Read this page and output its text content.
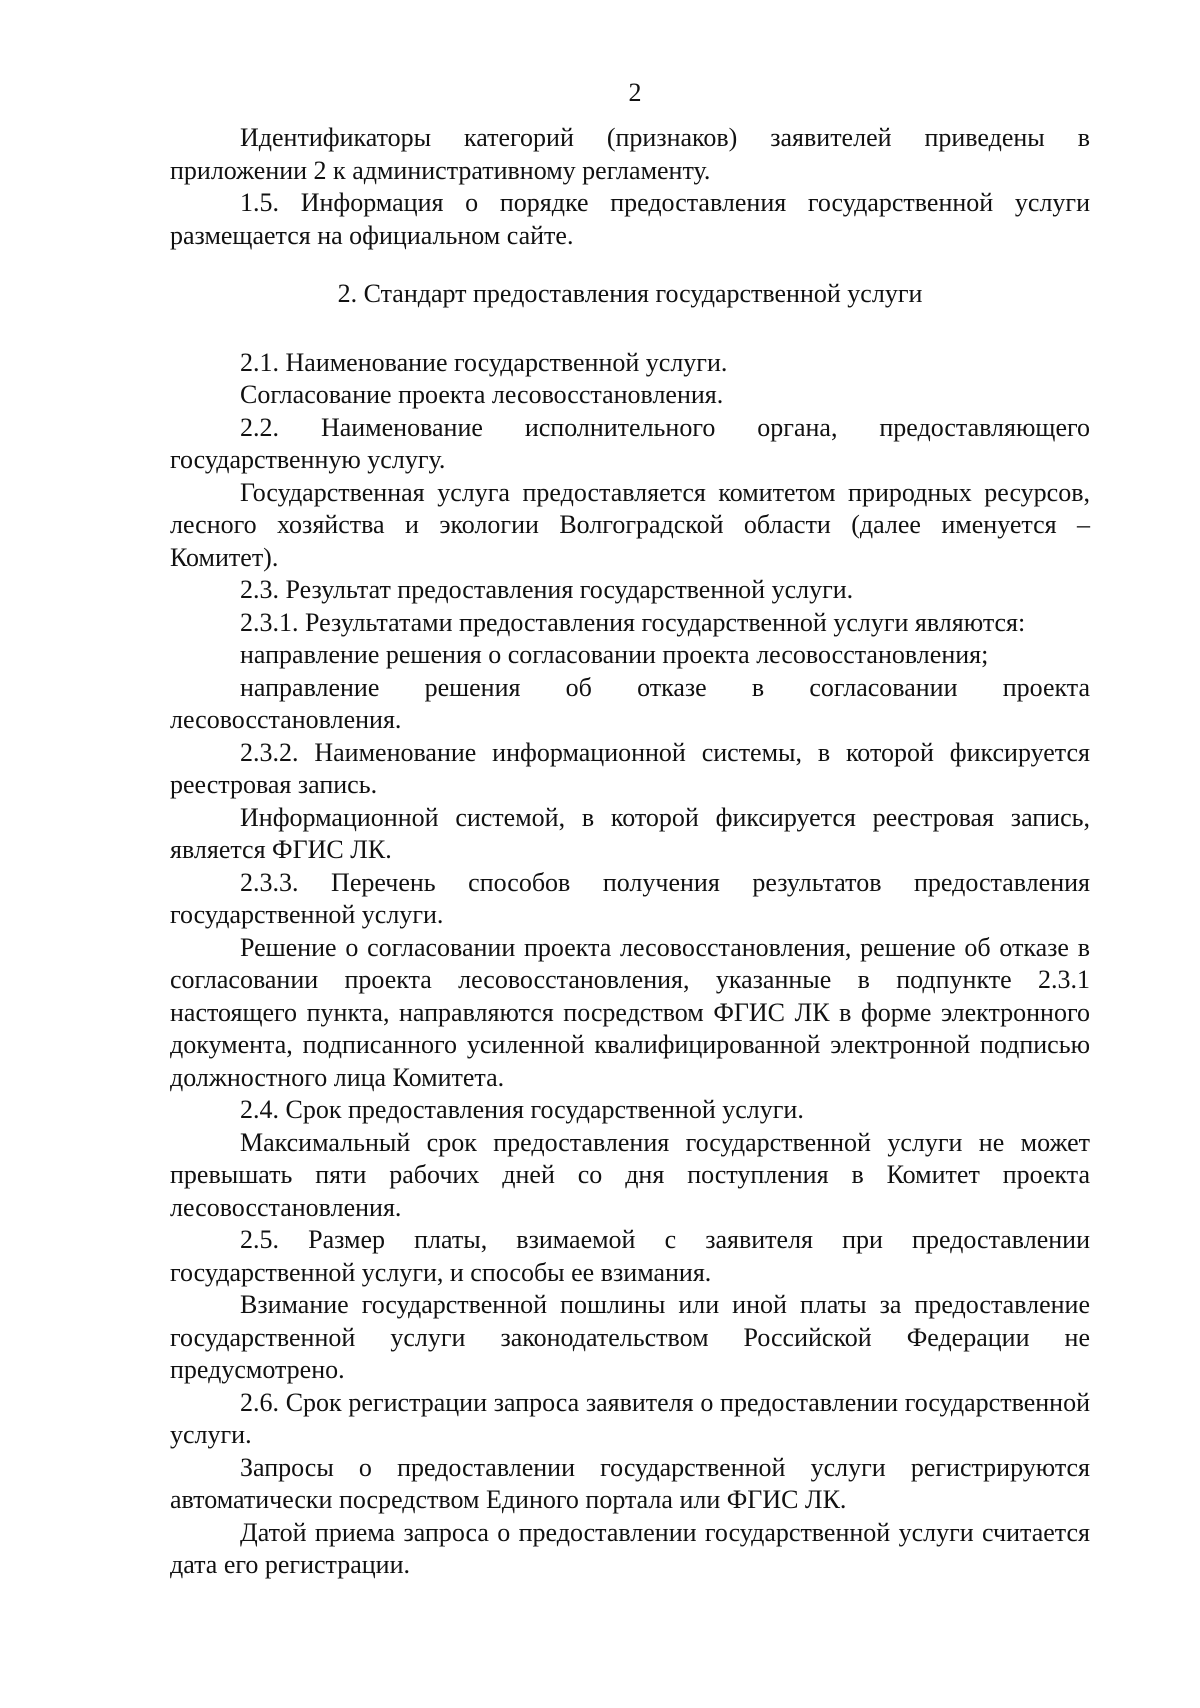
2

Идентификаторы категорий (признаков) заявителей приведены в приложении 2 к административному регламенту.

1.5. Информация о порядке предоставления государственной услуги размещается на официальном сайте.

2. Стандарт предоставления государственной услуги

2.1. Наименование государственной услуги.

Согласование проекта лесовосстановления.

2.2. Наименование исполнительного органа, предоставляющего государственную услугу.

Государственная услуга предоставляется комитетом природных ресурсов, лесного хозяйства и экологии Волгоградской области (далее именуется – Комитет).

2.3. Результат предоставления государственной услуги.

2.3.1. Результатами предоставления государственной услуги являются:

направление решения о согласовании проекта лесовосстановления;

направление решения об отказе в согласовании проекта лесовосстановления.

2.3.2. Наименование информационной системы, в которой фиксируется реестровая запись.

Информационной системой, в которой фиксируется реестровая запись, является ФГИС ЛК.

2.3.3. Перечень способов получения результатов предоставления государственной услуги.

Решение о согласовании проекта лесовосстановления, решение об отказе в согласовании проекта лесовосстановления, указанные в подпункте 2.3.1 настоящего пункта, направляются посредством ФГИС ЛК в форме электронного документа, подписанного усиленной квалифицированной электронной подписью должностного лица Комитета.

2.4. Срок предоставления государственной услуги.

Максимальный срок предоставления государственной услуги не может превышать пяти рабочих дней со дня поступления в Комитет проекта лесовосстановления.

2.5. Размер платы, взимаемой с заявителя при предоставлении государственной услуги, и способы ее взимания.

Взимание государственной пошлины или иной платы за предоставление государственной услуги законодательством Российской Федерации не предусмотрено.

2.6. Срок регистрации запроса заявителя о предоставлении государственной услуги.

Запросы о предоставлении государственной услуги регистрируются автоматически посредством Единого портала или ФГИС ЛК.

Датой приема запроса о предоставлении государственной услуги считается дата его регистрации.
